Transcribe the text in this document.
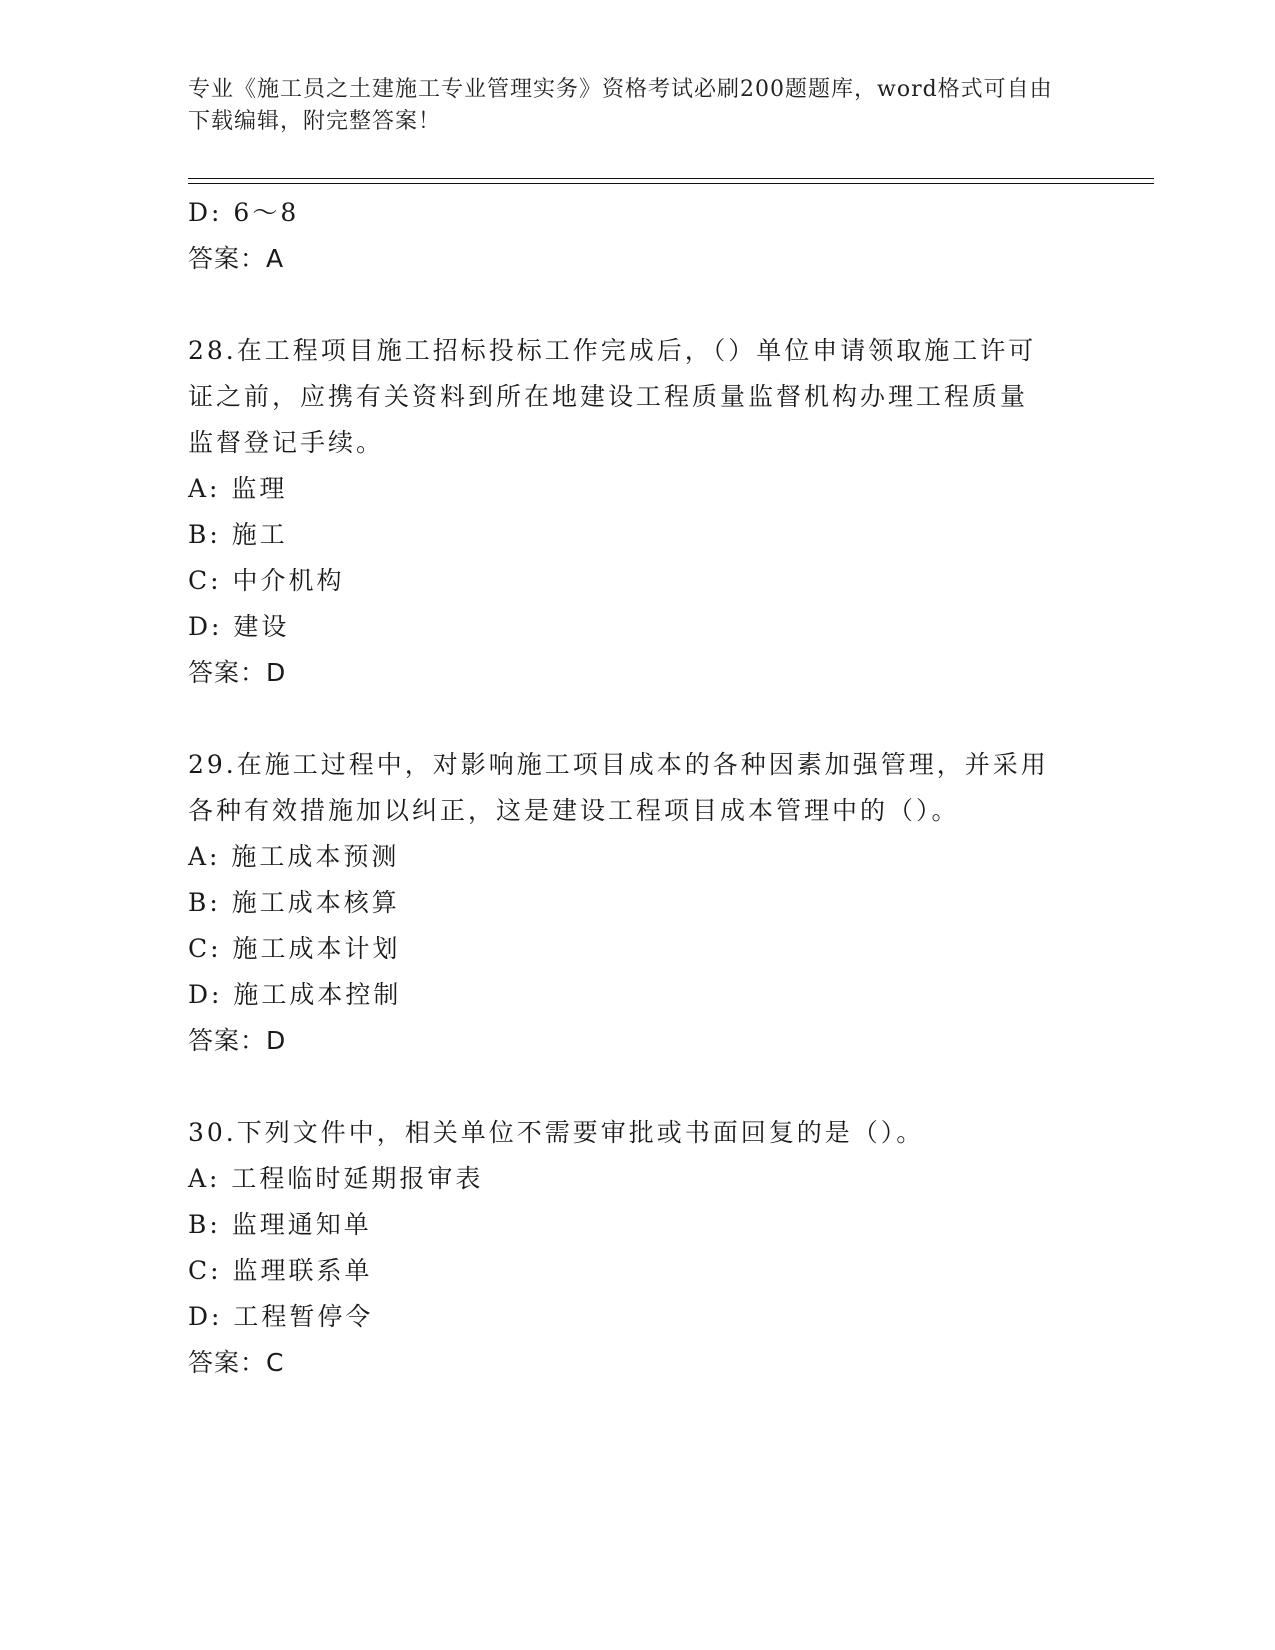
专业《施工员之土建施工专业管理实务》资格考试必刷200题题库，word格式可自由下载编辑，附完整答案！
D: 6～8
答案：A
28.在工程项目施工招标投标工作完成后，（）单位申请领取施工许可
证之前，应携有关资料到所在地建设工程质量监督机构办理工程质量
监督登记手续。
A: 监理
B: 施工
C: 中介机构
D: 建设
答案：D
29.在施工过程中，对影响施工项目成本的各种因素加强管理，并采用
各种有效措施加以纠正，这是建设工程项目成本管理中的（）。
A: 施工成本预测
B: 施工成本核算
C: 施工成本计划
D: 施工成本控制
答案：D
30.下列文件中，相关单位不需要审批或书面回复的是（）。
A: 工程临时延期报审表
B: 监理通知单
C: 监理联系单
D: 工程暂停令
答案：C
